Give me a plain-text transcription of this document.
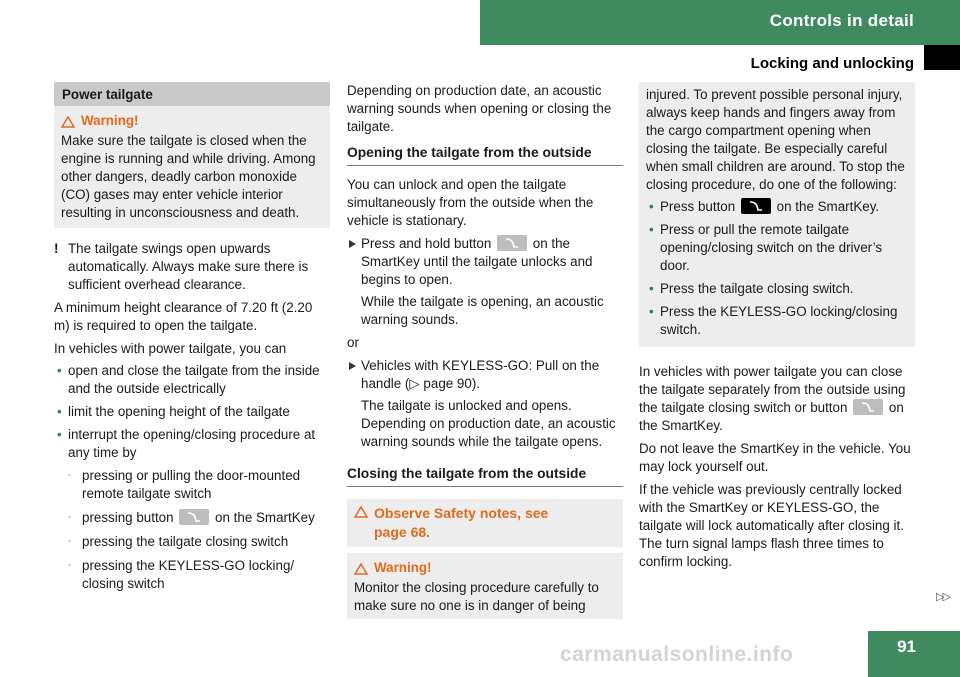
Controls in detail
Locking and unlocking
Power tailgate
Warning!

Make sure the tailgate is closed when the engine is running and while driving. Among other dangers, deadly carbon monoxide (CO) gases may enter vehicle interior resulting in unconsciousness and death.

! The tailgate swings open upwards automatically. Always make sure there is sufficient overhead clearance.

A minimum height clearance of 7.20 ft (2.20 m) is required to open the tailgate.

In vehicles with power tailgate, you can

• open and close the tailgate from the inside and the outside electrically
• limit the opening height of the tailgate
• interrupt the opening/closing procedure at any time by
- pressing or pulling the door-mounted remote tailgate switch
- pressing button	on the SmartKey
- pressing the tailgate closing switch
- pressing the KEYLESS-GO locking/ closing switch

Depending on production date, an acoustic warning sounds when opening or closing the tailgate.

Opening the tailgate from the outside

You can unlock and open the tailgate simultaneously from the outside when the vehicle is stationary.

Press and hold button	on the SmartKey until the tailgate unlocks and begins to open.

While the tailgate is opening, an acoustic warning sounds.

or

Vehicles with KEYLESS-GO: Pull on the handle (▷ page 90).

The tailgate is unlocked and opens. Depending on production date, an acoustic warning sounds while the tailgate opens.

Closing the tailgate from the outside
Observe Safety notes, see page 68.
Warning!

Monitor the closing procedure carefully to make sure no one is in danger of being

injured. To prevent possible personal injury, always keep hands and fingers away from the cargo compartment opening when closing the tailgate. Be especially careful when small children are around. To stop the closing procedure, do one of the following:

• Press button	on the SmartKey.
• Press or pull the remote tailgate opening/closing switch on the driver’s door.
• Press the tailgate closing switch.
• Press the KEYLESS-GO locking/closing switch.

In vehicles with power tailgate you can close the tailgate separately from the outside using the tailgate closing switch or button	on the SmartKey.

Do not leave the SmartKey in the vehicle. You may lock yourself out.

If the vehicle was previously centrally locked with the SmartKey or KEYLESS-GO, the tailgate will lock automatically after closing it. The turn signal lamps flash three times to confirm locking.

▷▷
carmanualsonline.info	91
